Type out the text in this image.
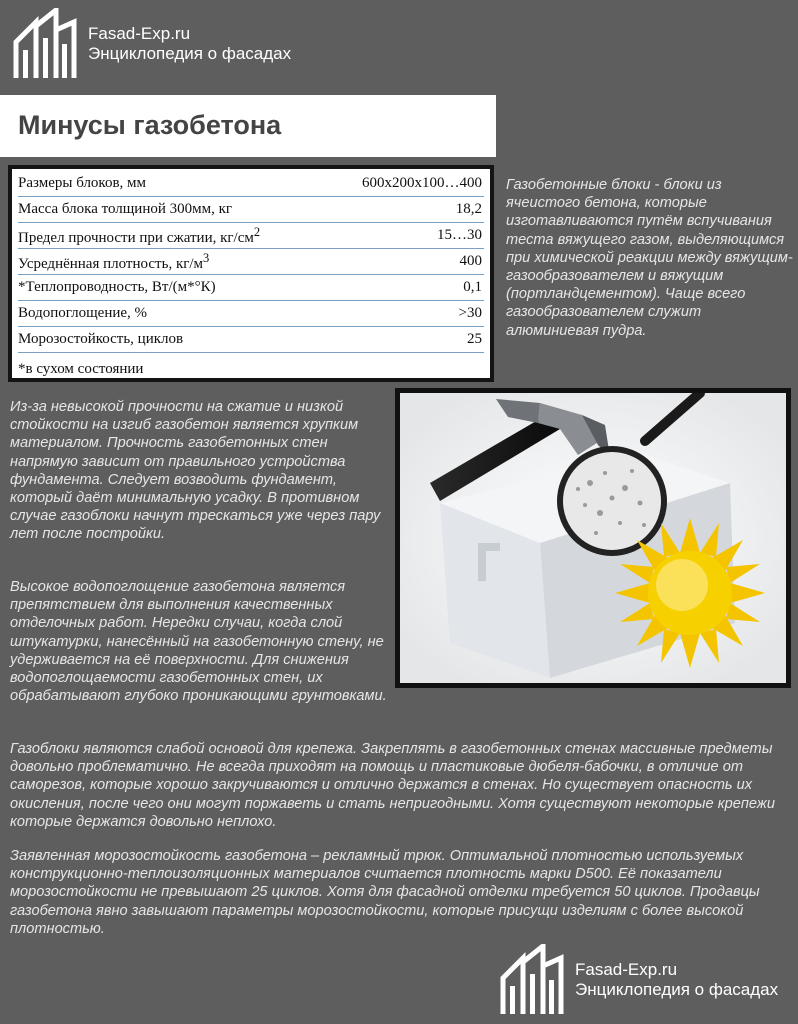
Fasad-Exp.ru
Энциклопедия о фасадах
Минусы газобетона
Размеры блоков, мм	600х200х100…400
Масса блока толщиной 300мм, кг	18,2
Предел прочности при сжатии, $кг/см^2$	15…30
Усреднённая плотность, $кг/м^3$	400
*Теплопроводность, Вт/(м*°К)	0,1
Водопоглощение, %	>30
Морозостойкость, циклов	25
*в сухом состоянии

Газобетонные блоки - блоки из ячеистого бетона, которые изготавливаются путём вспучивания теста вяжущего газом, выделяющимся при химической реакции между вяжущим-газообразователем и вяжущим (портландцементом). Чаще всего газообразователем служит алюминиевая пудра.

Из-за невысокой прочности на сжатие и низкой стойкости на изгиб газобетон является хрупким материалом. Прочность газобетонных стен напрямую зависит от правильного устройства фундамента. Следует возводить фундамент, который даёт минимальную усадку. В противном случае газоблоки начнут трескаться уже через пару лет после постройки.

Высокое водопоглощение газобетона является препятствием для выполнения качественных отделочных работ. Нередки случаи, когда слой штукатурки, нанесённый на газобетонную стену, не удерживается на её поверхности. Для снижения водопоглощаемости газобетонных стен, их обрабатывают глубоко проникающими грунтовками.

Газоблоки являются слабой основой для крепежа. Закреплять в газобетонных стенах массивные предметы довольно проблематично. Не всегда приходят на помощь и пластиковые дюбеля-бабочки, в отличие от саморезов, которые хорошо закручиваются и отлично держатся в стенах. Но существует опасность их окисления, после чего они могут поржаветь и стать непригодными. Хотя существуют некоторые крепежи которые держатся довольно неплохо.

Заявленная морозостойкость газобетона – рекламный трюк. Оптимальной плотностью используемых конструкционно-теплоизоляционных материалов считается плотность марки D500. Её показатели морозостойкости не превышают 25 циклов. Хотя для фасадной отделки требуется 50 циклов. Продавцы газобетона явно завышают параметры морозостойкости, которые присущи изделиям с более высокой плотностью.

Fasad-Exp.ru
Энциклопедия о фасадах
